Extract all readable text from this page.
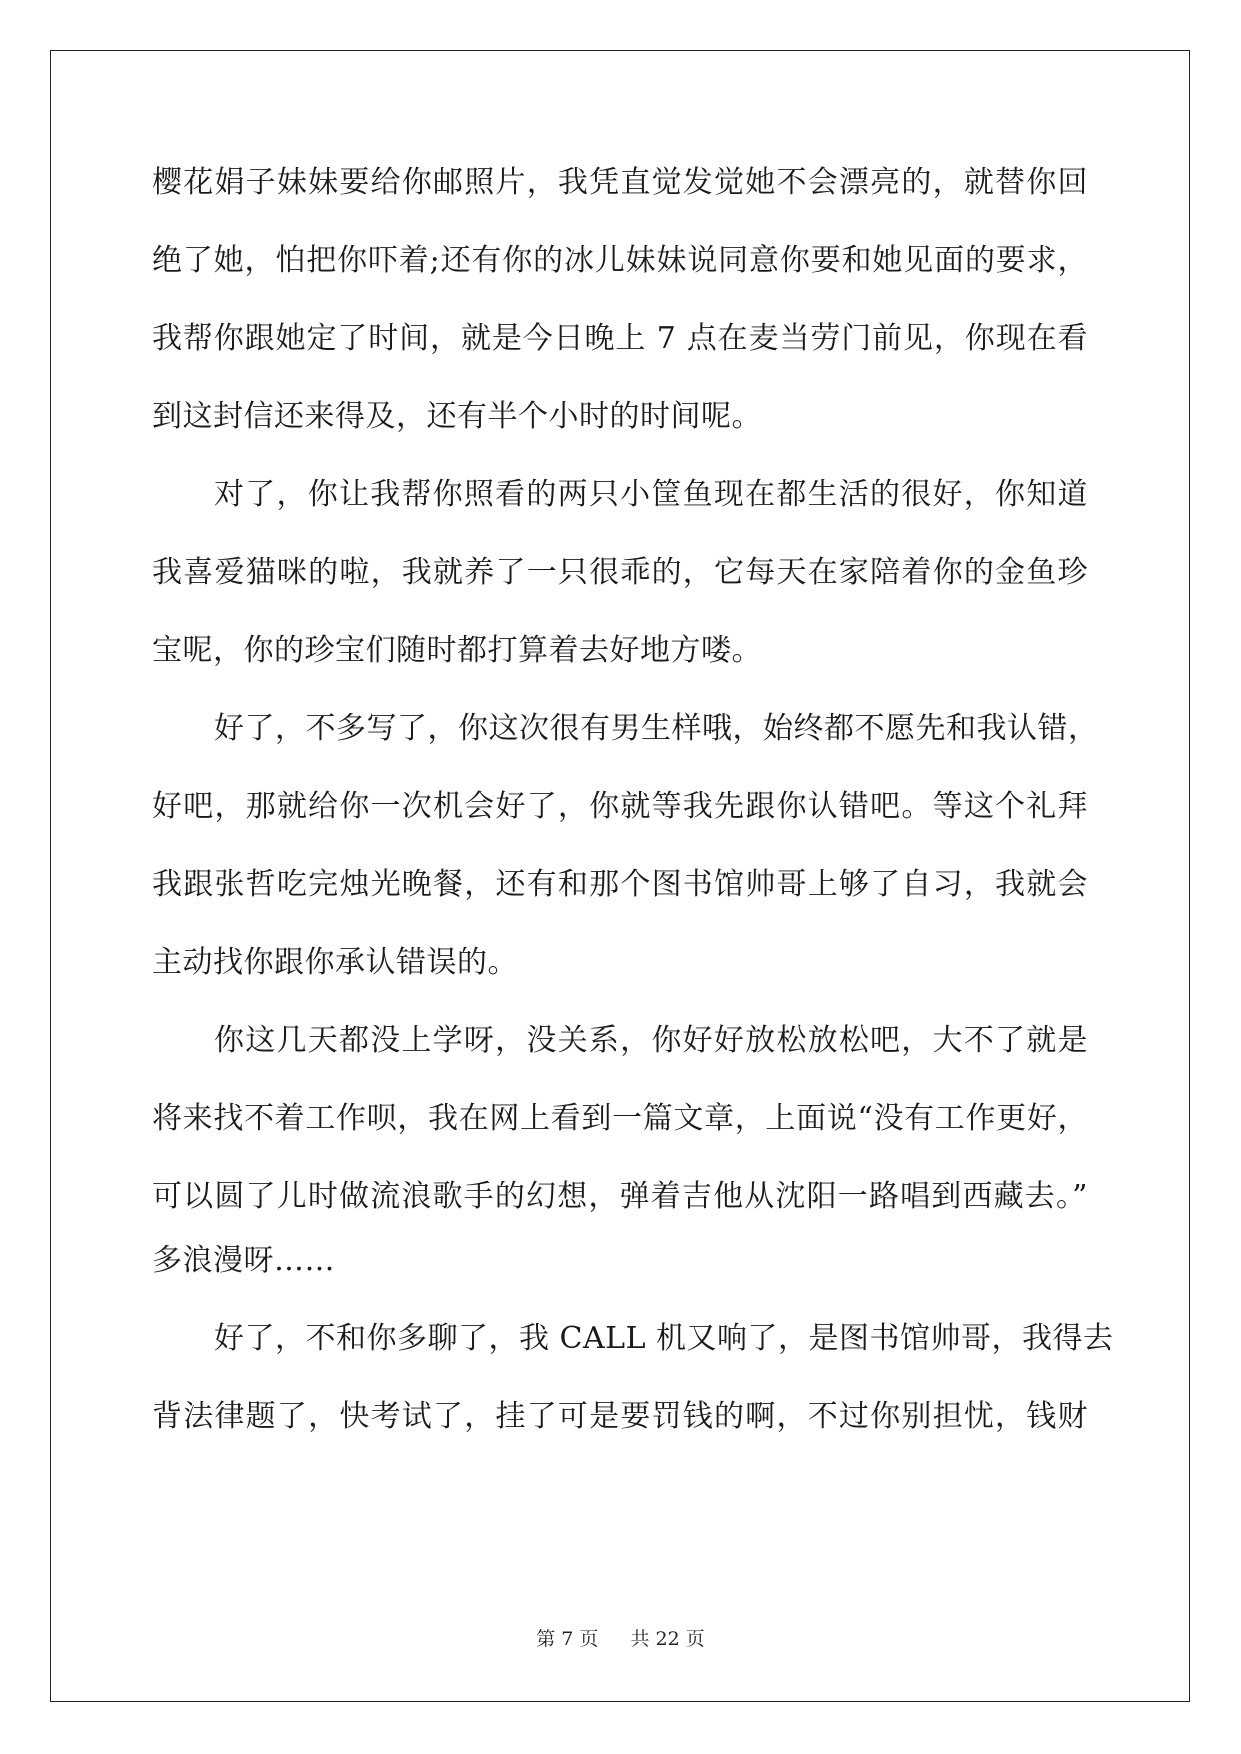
樱花娟子妹妹要给你邮照片，我凭直觉发觉她不会漂亮的，就替你回
绝了她，怕把你吓着;还有你的冰儿妹妹说同意你要和她见面的要求，
我帮你跟她定了时间，就是今日晚上 7 点在麦当劳门前见，你现在看
到这封信还来得及，还有半个小时的时间呢。
对了，你让我帮你照看的两只小筐鱼现在都生活的很好，你知道
我喜爱猫咪的啦，我就养了一只很乖的，它每天在家陪着你的金鱼珍
宝呢，你的珍宝们随时都打算着去好地方喽。
好了，不多写了，你这次很有男生样哦，始终都不愿先和我认错，
好吧，那就给你一次机会好了，你就等我先跟你认错吧。等这个礼拜
我跟张哲吃完烛光晚餐，还有和那个图书馆帅哥上够了自习，我就会
主动找你跟你承认错误的。
你这几天都没上学呀，没关系，你好好放松放松吧，大不了就是
将来找不着工作呗，我在网上看到一篇文章，上面说“没有工作更好，
可以圆了儿时做流浪歌手的幻想，弹着吉他从沈阳一路唱到西藏去。”
多浪漫呀……
好了，不和你多聊了，我 CALL 机又响了，是图书馆帅哥，我得去
背法律题了，快考试了，挂了可是要罚钱的啊，不过你别担忧，钱财
第 7 页 共 22 页
